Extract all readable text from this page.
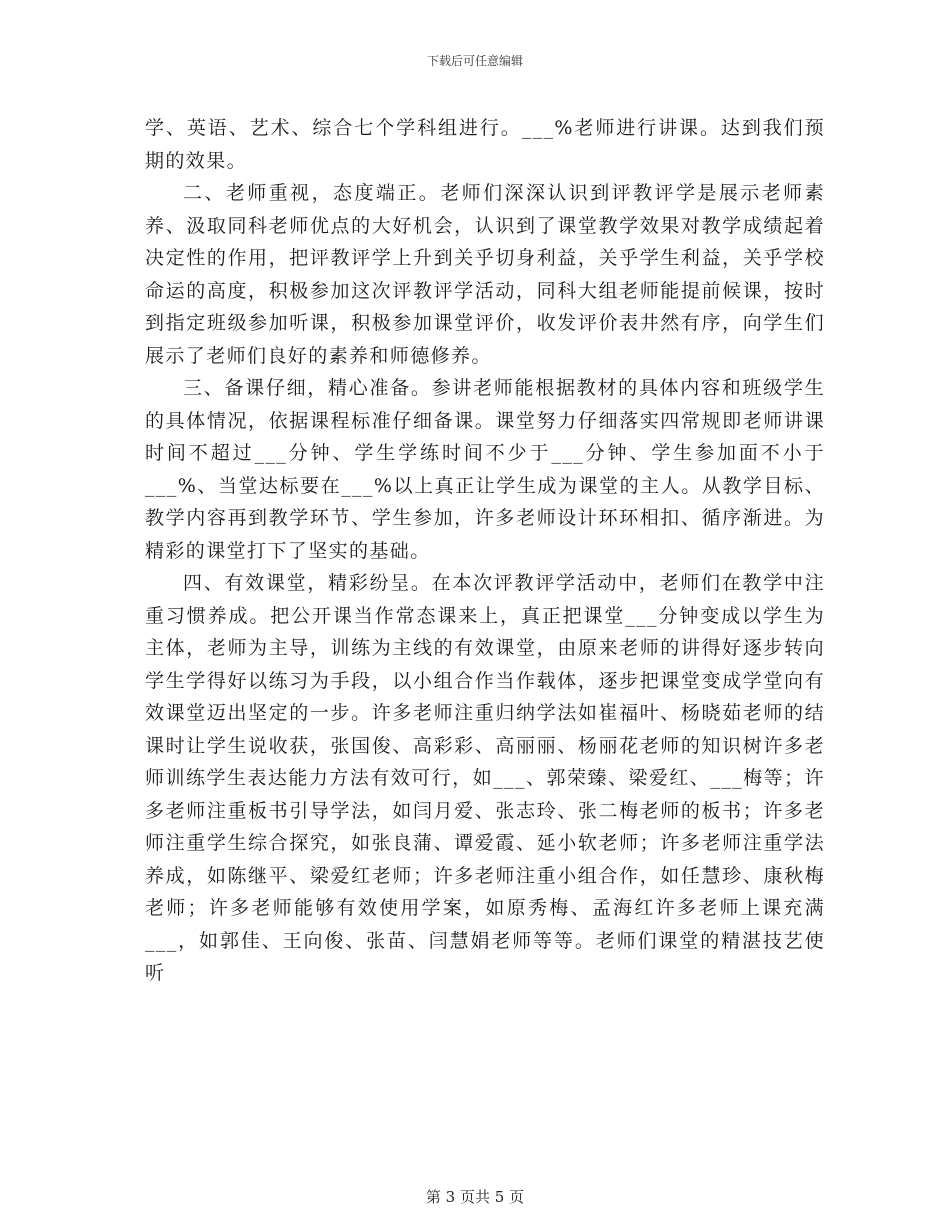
下载后可任意编辑

学、英语、艺术、综合七个学科组进行。___%老师进行讲课。达到我们预期的效果。

二、老师重视，态度端正。老师们深深认识到评教评学是展示老师素养、汲取同科老师优点的大好机会，认识到了课堂教学效果对教学成绩起着决定性的作用，把评教评学上升到关乎切身利益，关乎学生利益，关乎学校命运的高度，积极参加这次评教评学活动，同科大组老师能提前候课，按时到指定班级参加听课，积极参加课堂评价，收发评价表井然有序，向学生们展示了老师们良好的素养和师德修养。

三、备课仔细，精心准备。参讲老师能根据教材的具体内容和班级学生的具体情况，依据课程标准仔细备课。课堂努力仔细落实四常规即老师讲课时间不超过___分钟、学生学练时间不少于___分钟、学生参加面不小于___%、当堂达标要在___%以上真正让学生成为课堂的主人。从教学目标、教学内容再到教学环节、学生参加，许多老师设计环环相扣、循序渐进。为精彩的课堂打下了坚实的基础。

四、有效课堂，精彩纷呈。在本次评教评学活动中，老师们在教学中注重习惯养成。把公开课当作常态课来上，真正把课堂___分钟变成以学生为主体，老师为主导，训练为主线的有效课堂，由原来老师的讲得好逐步转向学生学得好以练习为手段，以小组合作当作载体，逐步把课堂变成学堂向有效课堂迈出坚定的一步。许多老师注重归纳学法如崔福叶、杨晓茹老师的结课时让学生说收获，张国俊、高彩彩、高丽丽、杨丽花老师的知识树许多老师训练学生表达能力方法有效可行，如___、郭荣臻、梁爱红、___梅等；许多老师注重板书引导学法，如闫月爱、张志玲、张二梅老师的板书；许多老师注重学生综合探究，如张良蒲、谭爱霞、延小软老师；许多老师注重学法养成，如陈继平、梁爱红老师；许多老师注重小组合作，如任慧珍、康秋梅老师；许多老师能够有效使用学案，如原秀梅、孟海红许多老师上课充满___，如郭佳、王向俊、张苗、闫慧娟老师等等。老师们课堂的精湛技艺使听

第 3 页共 5 页
